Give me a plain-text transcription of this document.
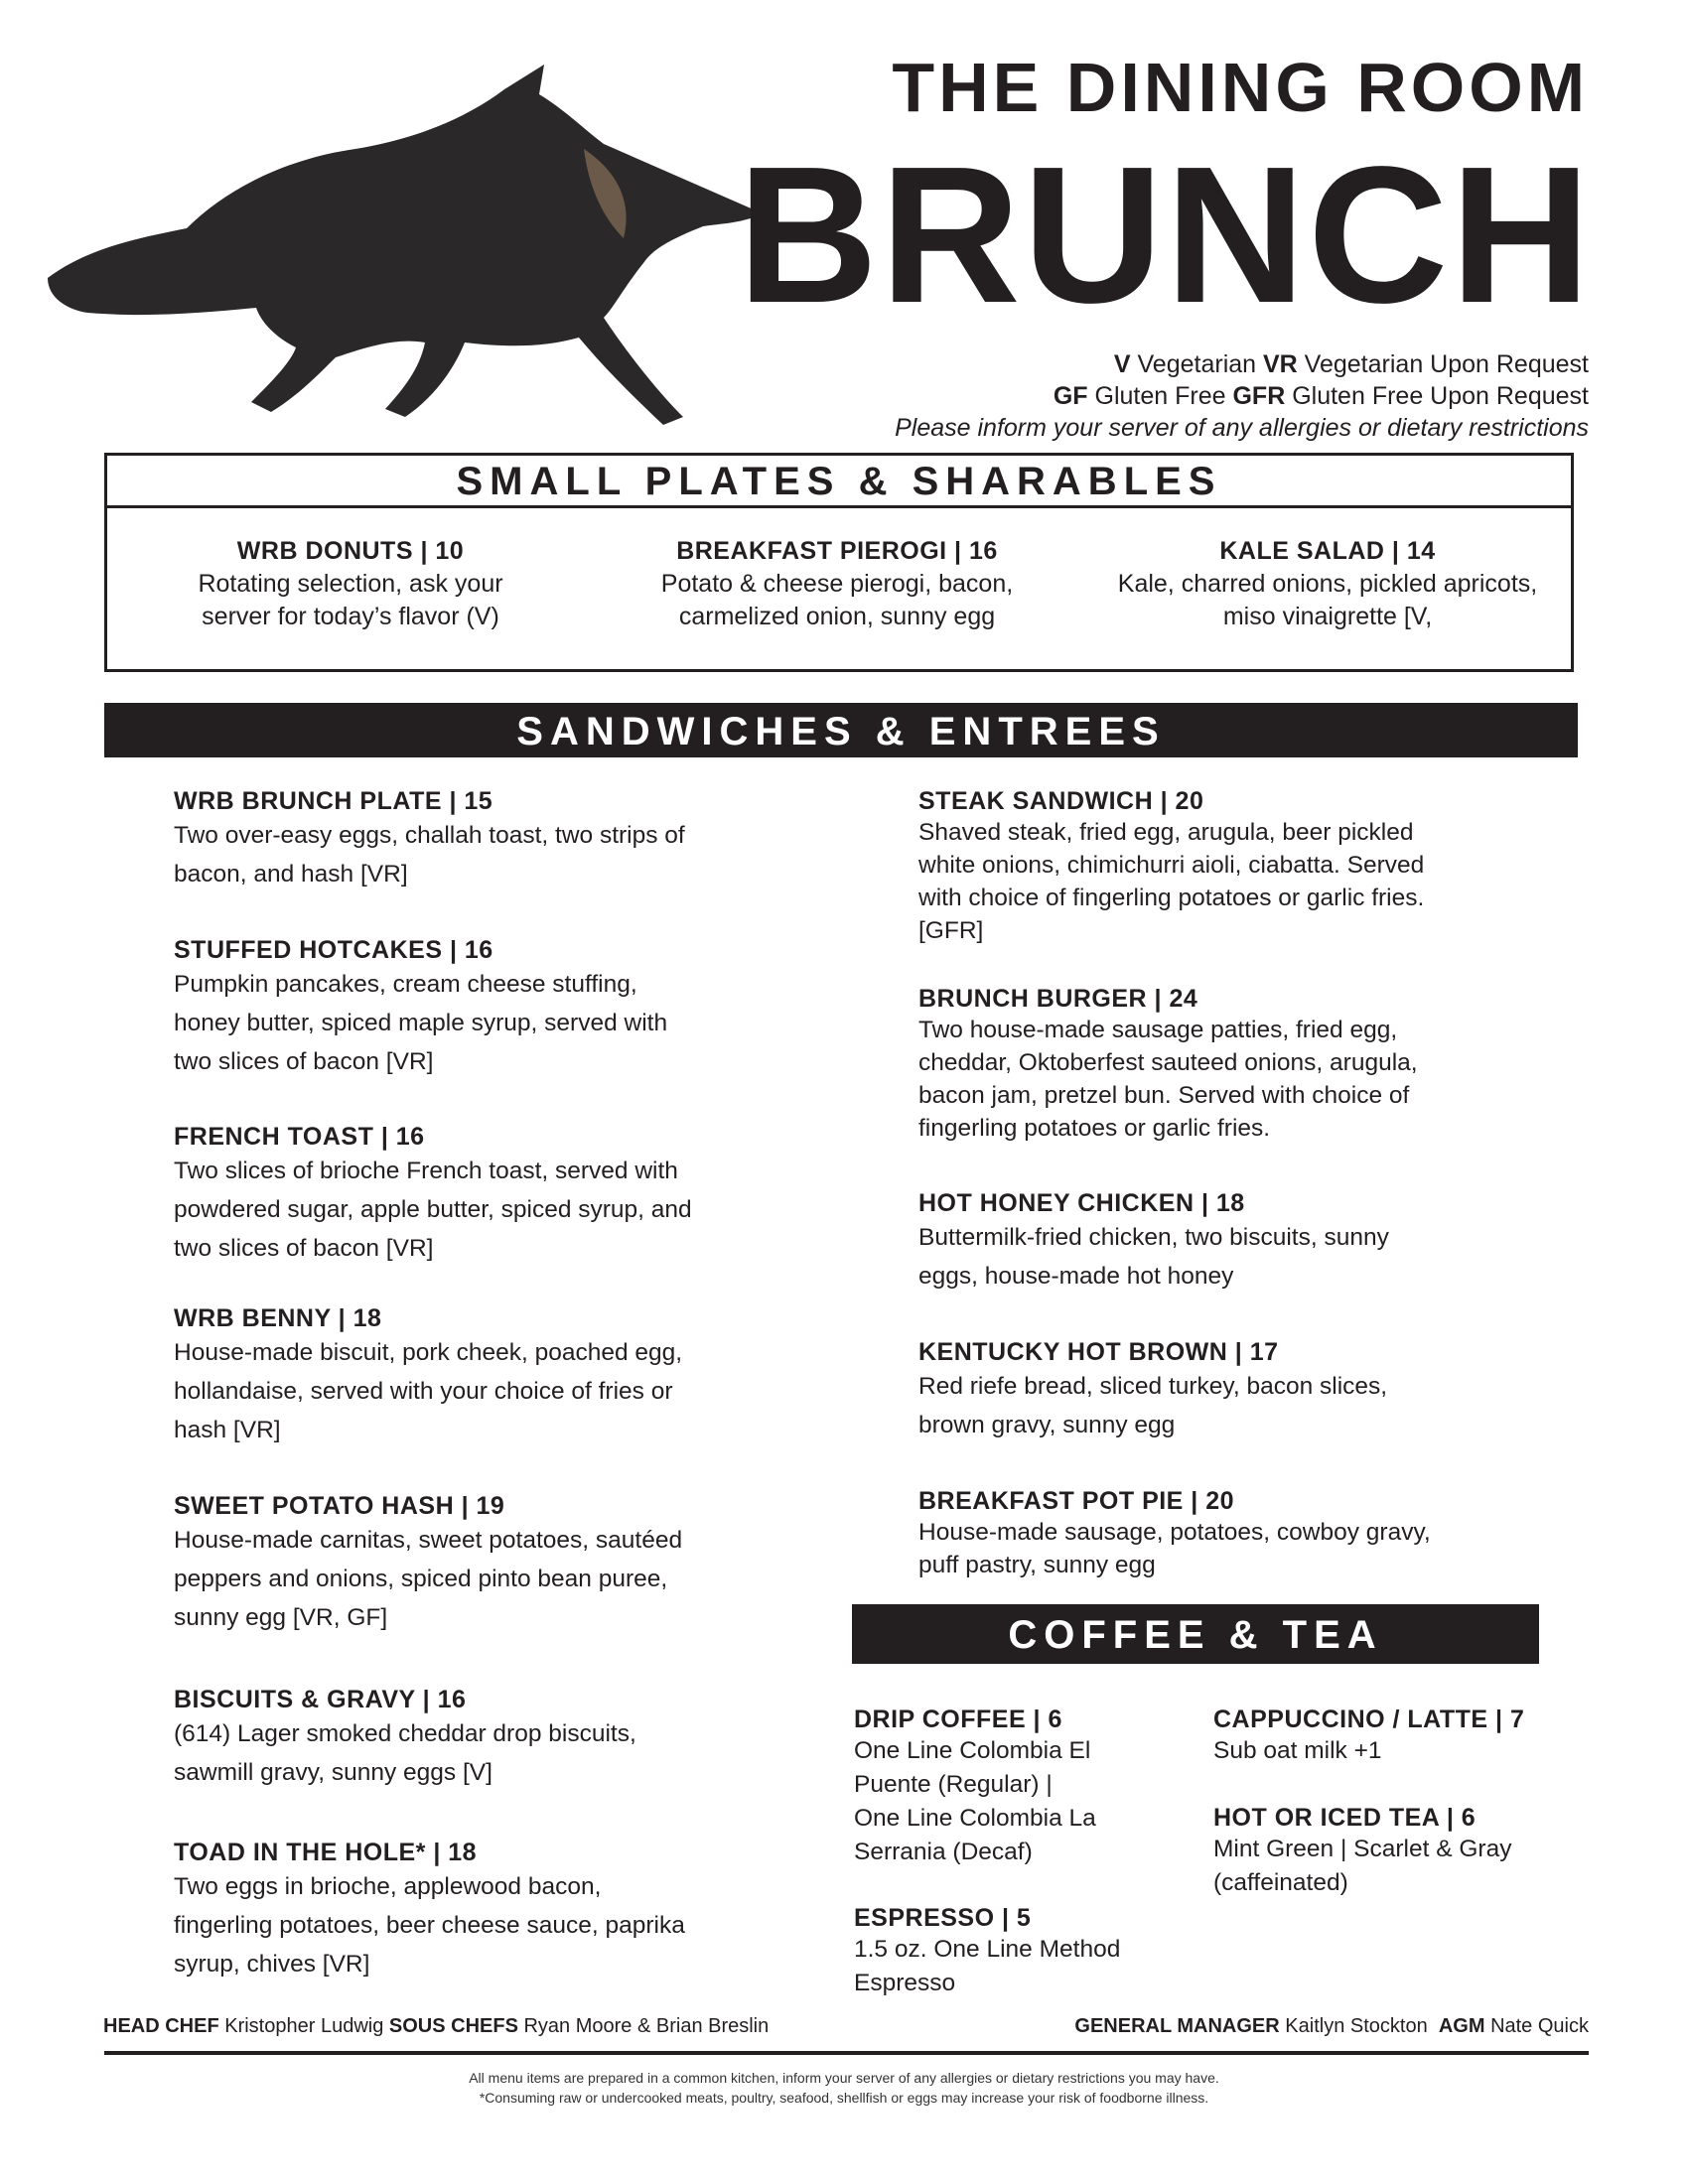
THE DINING ROOM
BRUNCH
V Vegetarian VR Vegetarian Upon Request
GF Gluten Free GFR Gluten Free Upon Request
Please inform your server of any allergies or dietary restrictions
SMALL PLATES & SHARABLES
WRB DONUTS | 10
Rotating selection, ask your
server for today’s flavor (V)
BREAKFAST PIEROGI | 16
Potato & cheese pierogi, bacon,
carmelized onion, sunny egg
KALE SALAD | 14
Kale, charred onions, pickled apricots,
miso vinaigrette [V,
SANDWICHES & ENTREES
COFFEE & TEA
HEAD CHEF Kristopher Ludwig SOUS CHEFS Ryan Moore & Brian Breslin	GENERAL MANAGER Kaitlyn Stockton AGM Nate Quick
All menu items are prepared in a common kitchen, inform your server of any allergies or dietary restrictions you may have.
*Consuming raw or undercooked meats, poultry, seafood, shellfish or eggs may increase your risk of foodborne illness.
WRB BRUNCH PLATE | 15
Two over-easy eggs, challah toast, two strips of
bacon, and hash [VR]
STUFFED HOTCAKES | 16
Pumpkin pancakes, cream cheese stuffing,
honey butter, spiced maple syrup, served with
two slices of bacon [VR]
FRENCH TOAST | 16
Two slices of brioche French toast, served with
powdered sugar, apple butter, spiced syrup, and
two slices of bacon [VR]
WRB BENNY | 18
House-made biscuit, pork cheek, poached egg,
hollandaise, served with your choice of fries or
hash [VR]
SWEET POTATO HASH | 19
House-made carnitas, sweet potatoes, sautéed
peppers and onions, spiced pinto bean puree,
sunny egg [VR, GF]
BISCUITS & GRAVY | 16
(614) Lager smoked cheddar drop biscuits,
sawmill gravy, sunny eggs [V]
TOAD IN THE HOLE* | 18
Two eggs in brioche, applewood bacon,
fingerling potatoes, beer cheese sauce, paprika
syrup, chives [VR]
STEAK SANDWICH | 20
Shaved steak, fried egg, arugula, beer pickled
white onions, chimichurri aioli, ciabatta. Served
with choice of fingerling potatoes or garlic fries.
[GFR]
BRUNCH BURGER | 24
Two house-made sausage patties, fried egg,
cheddar, Oktoberfest sauteed onions, arugula,
bacon jam, pretzel bun. Served with choice of
fingerling potatoes or garlic fries.
HOT HONEY CHICKEN | 18
Buttermilk-fried chicken, two biscuits, sunny
eggs, house-made hot honey
KENTUCKY HOT BROWN | 17
Red riefe bread, sliced turkey, bacon slices,
brown gravy, sunny egg
BREAKFAST POT PIE | 20
House-made sausage, potatoes, cowboy gravy,
puff pastry, sunny egg
DRIP COFFEE | 6
One Line Colombia El
Puente (Regular) |
One Line Colombia La
Serrania (Decaf)
ESPRESSO | 5
1.5 oz. One Line Method
Espresso
CAPPUCCINO / LATTE | 7
Sub oat milk +1
HOT OR ICED TEA | 6
Mint Green | Scarlet & Gray
(caffeinated)
